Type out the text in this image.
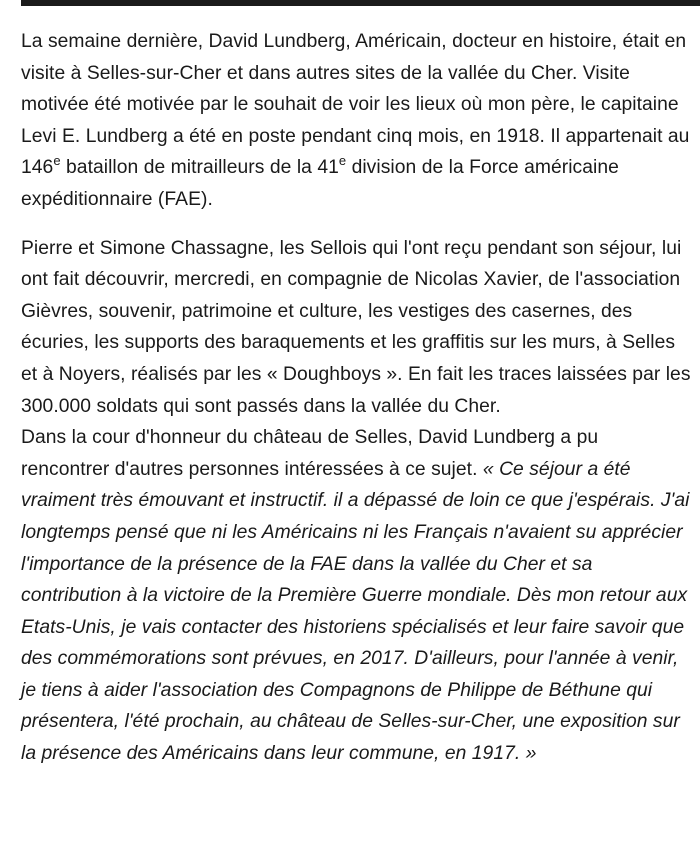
La semaine dernière, David Lundberg, Américain, docteur en histoire, était en visite à Selles-sur-Cher et dans autres sites de la vallée du Cher. Visite motivée été motivée par le souhait de voir les lieux où mon père, le capitaine Levi E. Lundberg a été en poste pendant cinq mois, en 1918. Il appartenait au 146e bataillon de mitrailleurs de la 41e division de la Force américaine expéditionnaire (FAE).

Pierre et Simone Chassagne, les Sellois qui l'ont reçu pendant son séjour, lui ont fait découvrir, mercredi, en compagnie de Nicolas Xavier, de l'association Gièvres, souvenir, patrimoine et culture, les vestiges des casernes, des écuries, les supports des baraquements et les graffitis sur les murs, à Selles et à Noyers, réalisés par les « Doughboys ». En fait les traces laissées par les 300.000 soldats qui sont passés dans la vallée du Cher.

Dans la cour d'honneur du château de Selles, David Lundberg a pu rencontrer d'autres personnes intéressées à ce sujet. « Ce séjour a été vraiment très émouvant et instructif. il a dépassé de loin ce que j'espérais. J'ai longtemps pensé que ni les Américains ni les Français n'avaient su apprécier l'importance de la présence de la FAE dans la vallée du Cher et sa contribution à la victoire de la Première Guerre mondiale. Dès mon retour aux Etats-Unis, je vais contacter des historiens spécialisés et leur faire savoir que des commémorations sont prévues, en 2017. D'ailleurs, pour l'année à venir, je tiens à aider l'association des Compagnons de Philippe de Béthune qui présentera, l'été prochain, au château de Selles-sur-Cher, une exposition sur la présence des Américains dans leur commune, en 1917. »
